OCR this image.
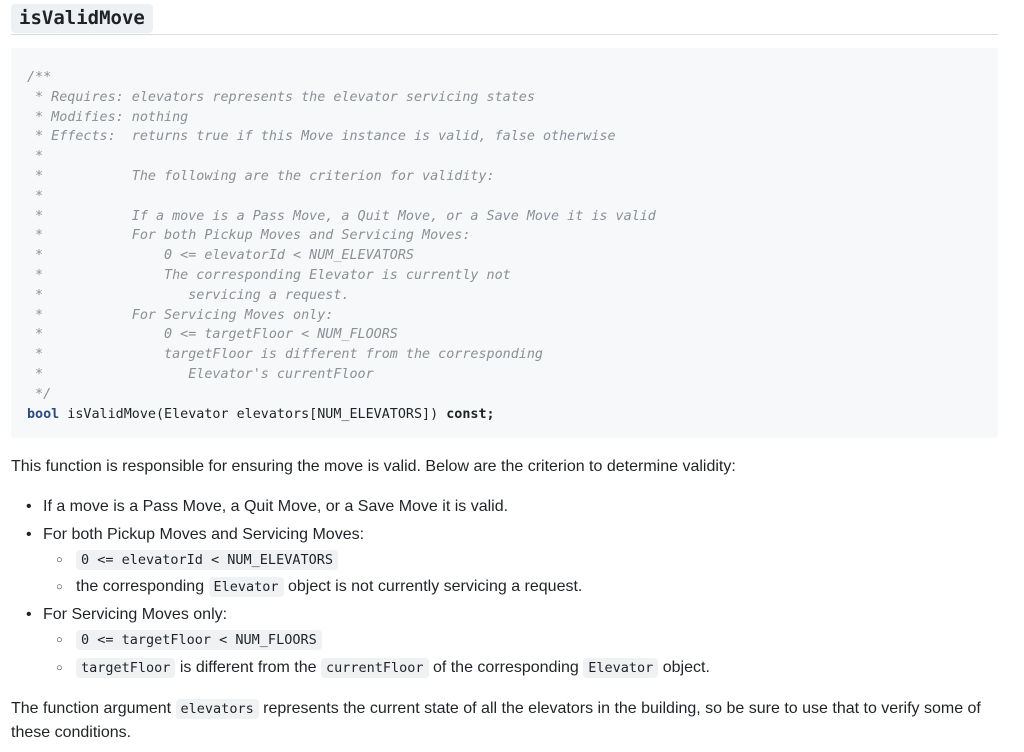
isValidMove
/**
* Requires: elevators represents the elevator servicing states
* Modifies: nothing
* Effects:  returns true if this Move instance is valid, false otherwise
*
*           The following are the criterion for validity:
*
*           If a move is a Pass Move, a Quit Move, or a Save Move it is valid
*           For both Pickup Moves and Servicing Moves:
*               0 <= elevatorId < NUM_ELEVATORS
*               The corresponding Elevator is currently not
*                  servicing a request.
*           For Servicing Moves only:
*               0 <= targetFloor < NUM_FLOORS
*               targetFloor is different from the corresponding
*                  Elevator's currentFloor
*/
bool isValidMove(Elevator elevators[NUM_ELEVATORS]) const;
This function is responsible for ensuring the move is valid. Below are the criterion to determine validity:
• If a move is a Pass Move, a Quit Move, or a Save Move it is valid.
• For both Pickup Moves and Servicing Moves:
○ 0 <= elevatorId < NUM_ELEVATORS
○ the corresponding Elevator object is not currently servicing a request.
• For Servicing Moves only:
○ 0 <= targetFloor < NUM_FLOORS
○ targetFloor is different from the currentFloor of the corresponding Elevator object.
The function argument elevators represents the current state of all the elevators in the building, so be sure to use that to verify some of these conditions.
